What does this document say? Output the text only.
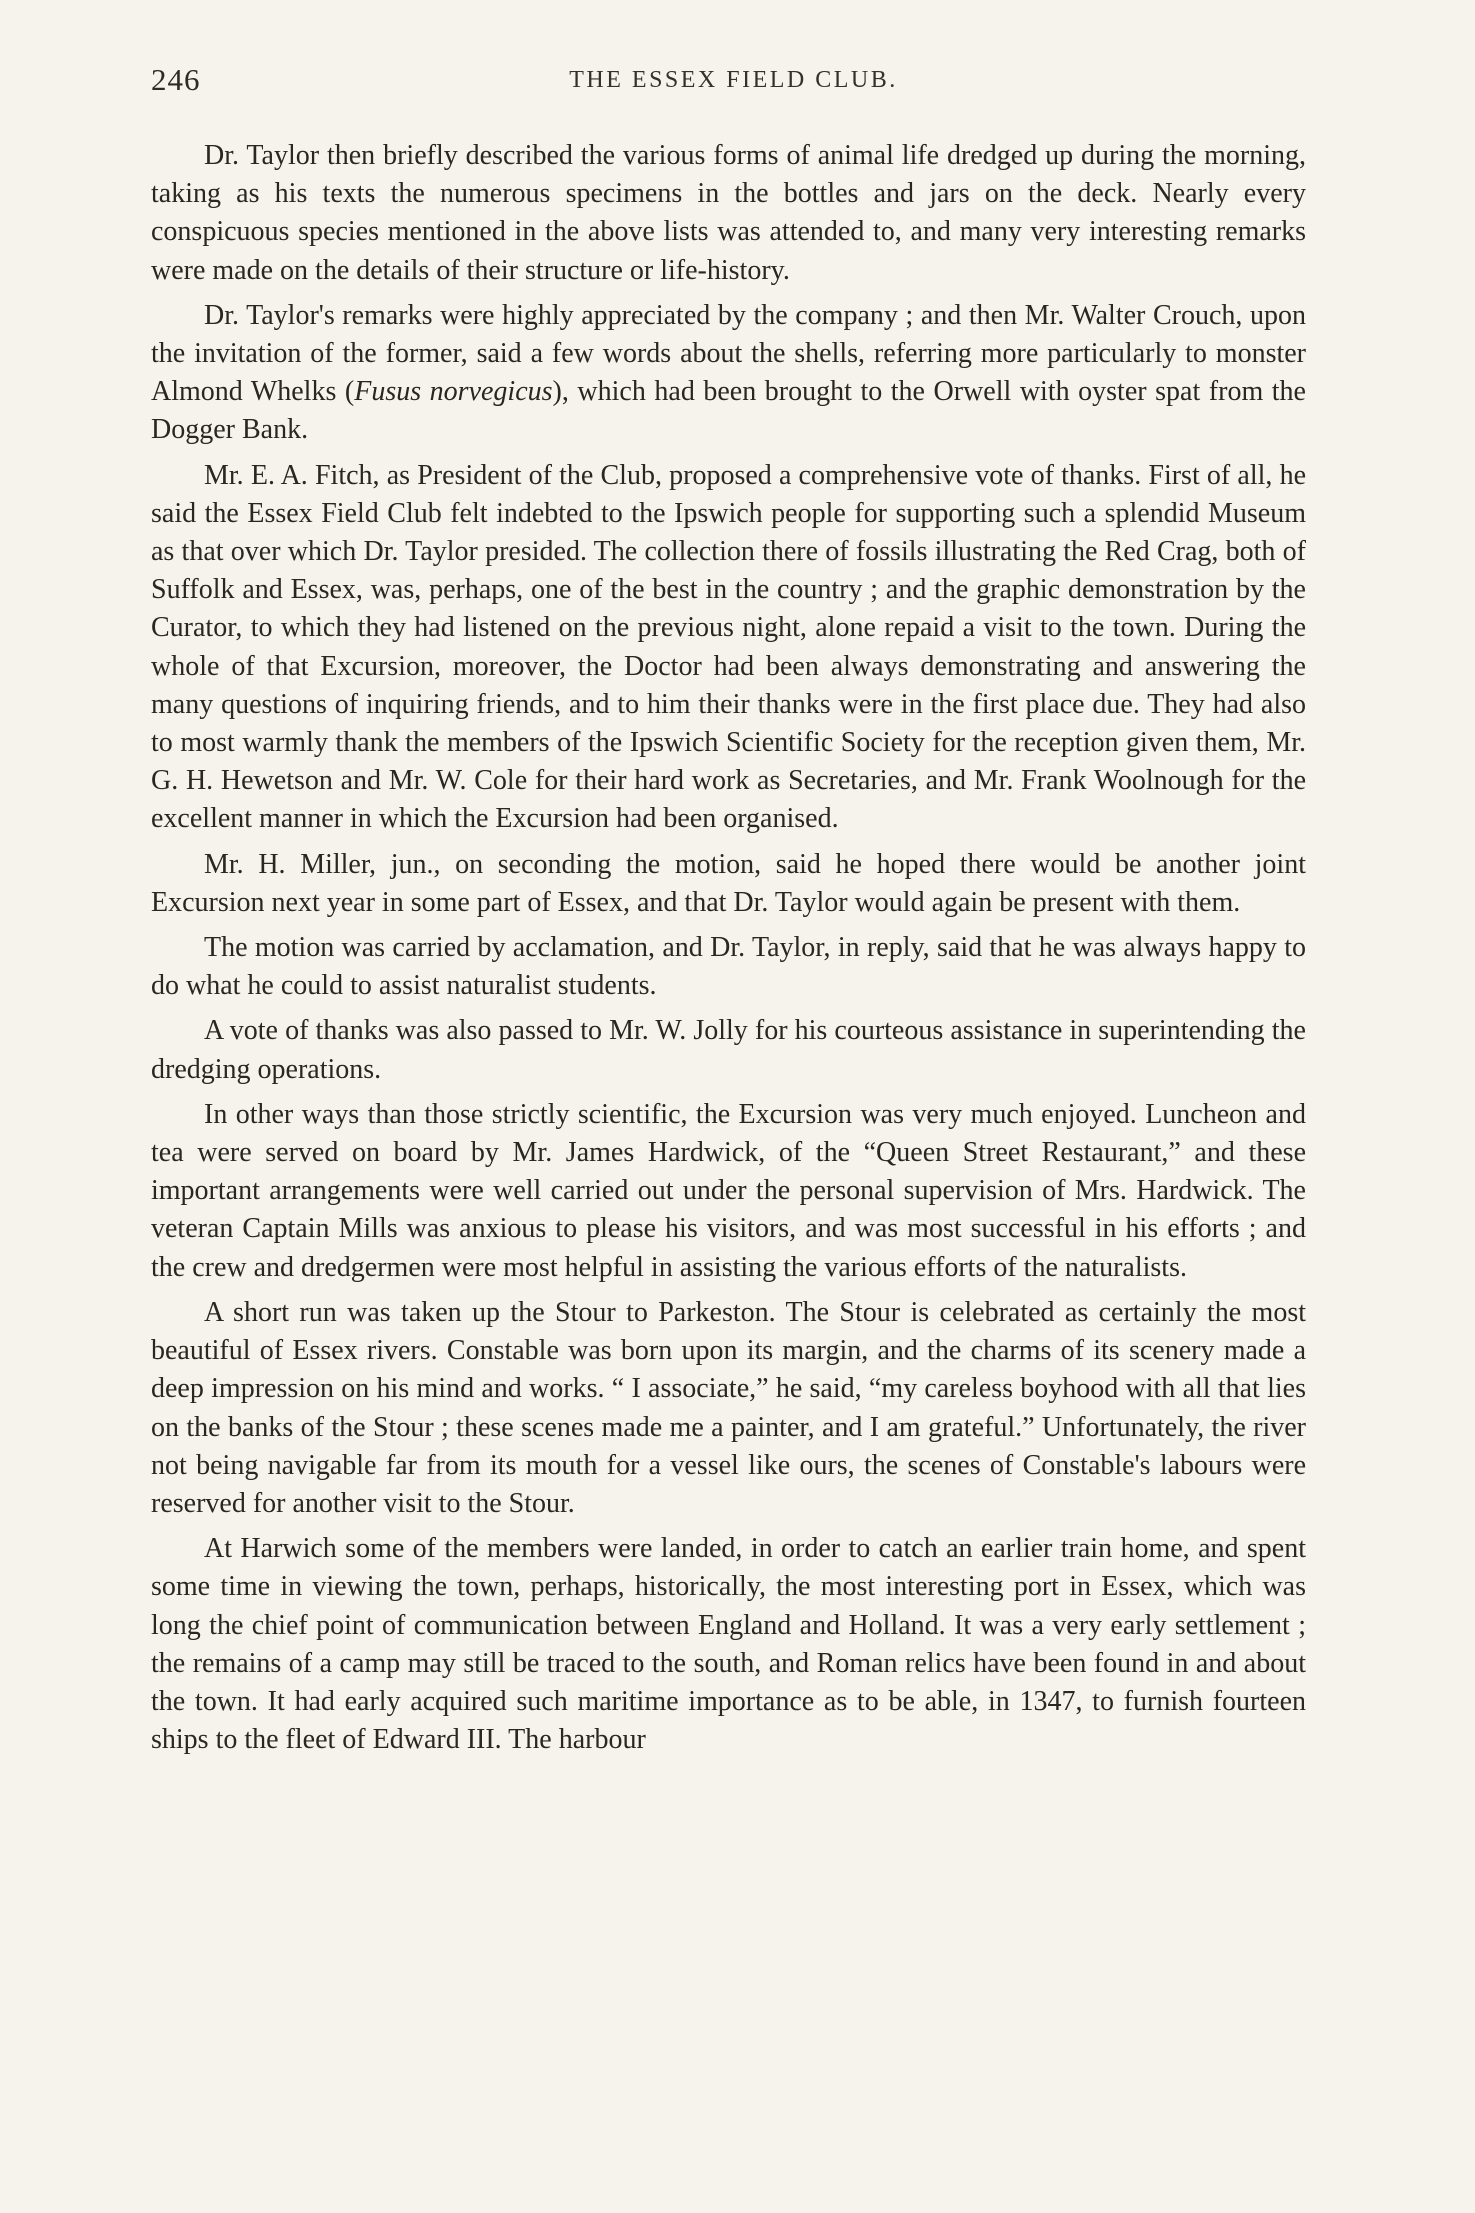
246	THE ESSEX FIELD CLUB.

Dr. Taylor then briefly described the various forms of animal life dredged up during the morning, taking as his texts the numerous specimens in the bottles and jars on the deck. Nearly every conspicuous species mentioned in the above lists was attended to, and many very interesting remarks were made on the details of their structure or life-history.

Dr. Taylor's remarks were highly appreciated by the company ; and then Mr. Walter Crouch, upon the invitation of the former, said a few words about the shells, referring more particularly to monster Almond Whelks (Fusus norvegicus), which had been brought to the Orwell with oyster spat from the Dogger Bank.

Mr. E. A. Fitch, as President of the Club, proposed a comprehensive vote of thanks. First of all, he said the Essex Field Club felt indebted to the Ipswich people for supporting such a splendid Museum as that over which Dr. Taylor presided. The collection there of fossils illustrating the Red Crag, both of Suffolk and Essex, was, perhaps, one of the best in the country ; and the graphic demonstration by the Curator, to which they had listened on the previous night, alone repaid a visit to the town. During the whole of that Excursion, moreover, the Doctor had been always demonstrating and answering the many questions of inquiring friends, and to him their thanks were in the first place due. They had also to most warmly thank the members of the Ipswich Scientific Society for the reception given them, Mr. G. H. Hewetson and Mr. W. Cole for their hard work as Secretaries, and Mr. Frank Woolnough for the excellent manner in which the Excursion had been organised.

Mr. H. Miller, jun., on seconding the motion, said he hoped there would be another joint Excursion next year in some part of Essex, and that Dr. Taylor would again be present with them.

The motion was carried by acclamation, and Dr. Taylor, in reply, said that he was always happy to do what he could to assist naturalist students.

A vote of thanks was also passed to Mr. W. Jolly for his courteous assistance in superintending the dredging operations.

In other ways than those strictly scientific, the Excursion was very much enjoyed. Luncheon and tea were served on board by Mr. James Hardwick, of the “Queen Street Restaurant,” and these important arrangements were well carried out under the personal supervision of Mrs. Hardwick. The veteran Captain Mills was anxious to please his visitors, and was most successful in his efforts ; and the crew and dredgermen were most helpful in assisting the various efforts of the naturalists.

A short run was taken up the Stour to Parkeston. The Stour is celebrated as certainly the most beautiful of Essex rivers. Constable was born upon its margin, and the charms of its scenery made a deep impression on his mind and works. “ I associate,” he said, “my careless boyhood with all that lies on the banks of the Stour ; these scenes made me a painter, and I am grateful.” Unfortunately, the river not being navigable far from its mouth for a vessel like ours, the scenes of Constable's labours were reserved for another visit to the Stour.

At Harwich some of the members were landed, in order to catch an earlier train home, and spent some time in viewing the town, perhaps, historically, the most interesting port in Essex, which was long the chief point of communication between England and Holland. It was a very early settlement ; the remains of a camp may still be traced to the south, and Roman relics have been found in and about the town. It had early acquired such maritime importance as to be able, in 1347, to furnish fourteen ships to the fleet of Edward III. The harbour
